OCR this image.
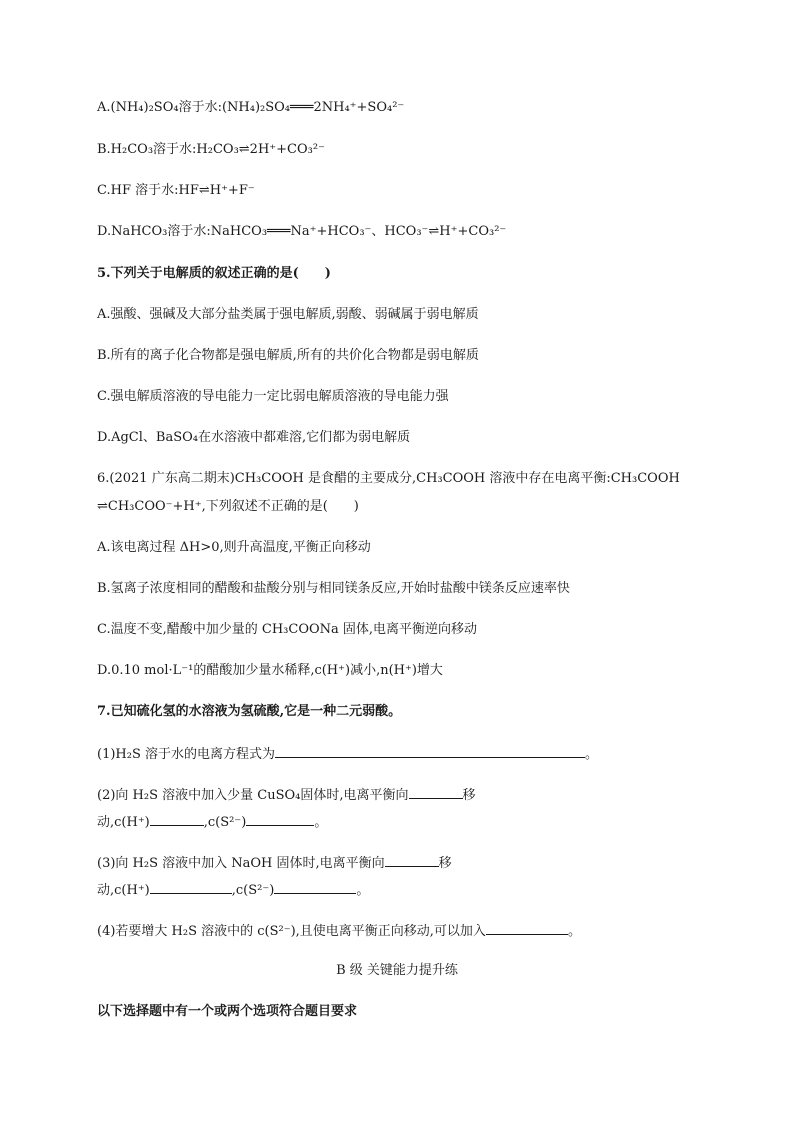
A.(NH₄)₂SO₄溶于水:(NH₄)₂SO₄═══2NH₄⁺+SO₄²⁻
B.H₂CO₃溶于水:H₂CO₃⇌2H⁺+CO₃²⁻
C.HF 溶于水:HF⇌H⁺+F⁻
D.NaHCO₃溶于水:NaHCO₃═══Na⁺+HCO₃⁻、HCO₃⁻⇌H⁺+CO₃²⁻
5.下列关于电解质的叙述正确的是(　　)
A.强酸、强碱及大部分盐类属于强电解质,弱酸、弱碱属于弱电解质
B.所有的离子化合物都是强电解质,所有的共价化合物都是弱电解质
C.强电解质溶液的导电能力一定比弱电解质溶液的导电能力强
D.AgCl、BaSO₄在水溶液中都难溶,它们都为弱电解质
6.(2021 广东高二期末)CH₃COOH 是食醋的主要成分,CH₃COOH 溶液中存在电离平衡:CH₃COOH
⇌CH₃COO⁻+H⁺,下列叙述不正确的是(　　)
A.该电离过程 ΔH>0,则升高温度,平衡正向移动
B.氢离子浓度相同的醋酸和盐酸分别与相同镁条反应,开始时盐酸中镁条反应速率快
C.温度不变,醋酸中加少量的 CH₃COONa 固体,电离平衡逆向移动
D.0.10 mol·L⁻¹的醋酸加少量水稀释,c(H⁺)减小,n(H⁺)增大
7.已知硫化氢的水溶液为氢硫酸,它是一种二元弱酸。
(1)H₂S 溶于水的电离方程式为	。
(2)向 H₂S 溶液中加入少量 CuSO₄固体时,电离平衡向	移
动,c(H⁺)	,c(S²⁻)	。
(3)向 H₂S 溶液中加入 NaOH 固体时,电离平衡向	移
动,c(H⁺)	,c(S²⁻)	。
(4)若要增大 H₂S 溶液中的 c(S²⁻),且使电离平衡正向移动,可以加入	。
B 级 关键能力提升练
以下选择题中有一个或两个选项符合题目要求
